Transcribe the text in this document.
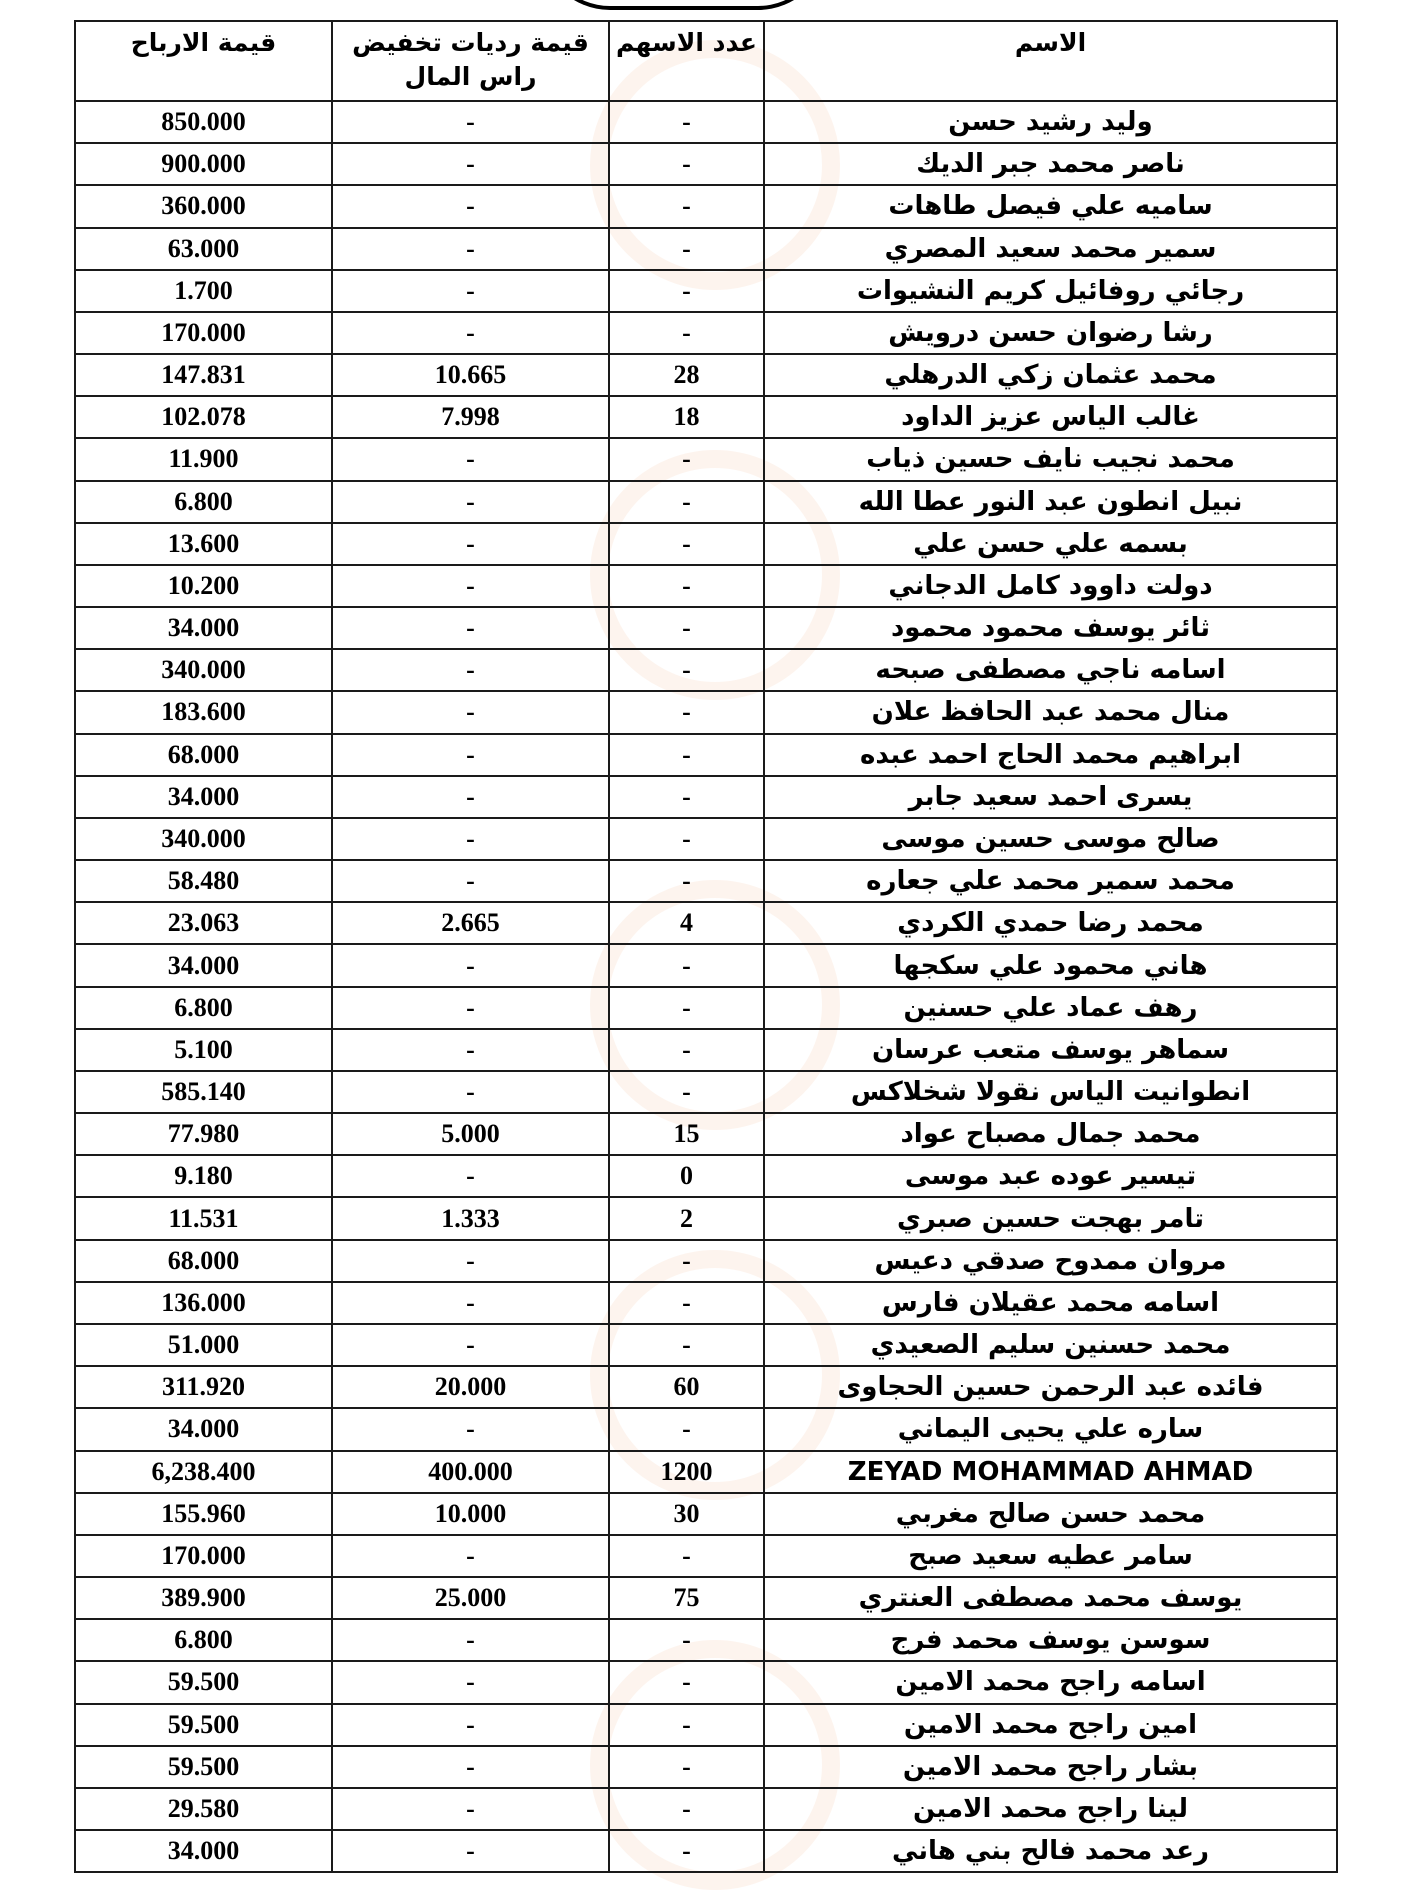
الاسم	عدد الاسهم	قيمة رديات تخفيض
راس المال	قيمة الارباح
وليد رشيد حسن	-	-	850.000
ناصر محمد جبر الديك	-	-	900.000
ساميه علي فيصل طاهات	-	-	360.000
سمير محمد سعيد المصري	-	-	63.000
رجائي روفائيل كريم النشيوات	-	-	1.700
رشا رضوان حسن درويش	-	-	170.000
محمد عثمان زكي الدرهلي	28	10.665	147.831
غالب الياس عزيز الداود	18	7.998	102.078
محمد نجيب نايف حسين ذياب	-	-	11.900
نبيل انطون عبد النور عطا الله	-	-	6.800
بسمه علي حسن علي	-	-	13.600
دولت داوود كامل الدجاني	-	-	10.200
ثائر يوسف محمود محمود	-	-	34.000
اسامه ناجي مصطفى صبحه	-	-	340.000
منال محمد عبد الحافظ علان	-	-	183.600
ابراهيم محمد الحاج احمد عبده	-	-	68.000
يسرى احمد سعيد جابر	-	-	34.000
صالح موسى حسين موسى	-	-	340.000
محمد سمير محمد علي جعاره	-	-	58.480
محمد رضا حمدي الكردي	4	2.665	23.063
هاني محمود علي سكجها	-	-	34.000
رهف عماد علي حسنين	-	-	6.800
سماهر يوسف متعب عرسان	-	-	5.100
انطوانيت الياس نقولا شخلاكس	-	-	585.140
محمد جمال مصباح عواد	15	5.000	77.980
تيسير عوده عبد موسى	0	-	9.180
تامر بهجت حسين صبري	2	1.333	11.531
مروان ممدوح صدقي دعيس	-	-	68.000
اسامه محمد عقيلان فارس	-	-	136.000
محمد حسنين سليم الصعيدي	-	-	51.000
فائده عبد الرحمن حسين الحجاوى	60	20.000	311.920
ساره علي يحيى اليماني	-	-	34.000
ZEYAD MOHAMMAD AHMAD	1200	400.000	6,238.400
محمد حسن صالح مغربي	30	10.000	155.960
سامر عطيه سعيد صبح	-	-	170.000
يوسف محمد مصطفى العنتري	75	25.000	389.900
سوسن يوسف محمد فرج	-	-	6.800
اسامه راجح محمد الامين	-	-	59.500
امين راجح محمد الامين	-	-	59.500
بشار راجح محمد الامين	-	-	59.500
لينا راجح محمد الامين	-	-	29.580
رعد محمد فالح بني هاني	-	-	34.000
